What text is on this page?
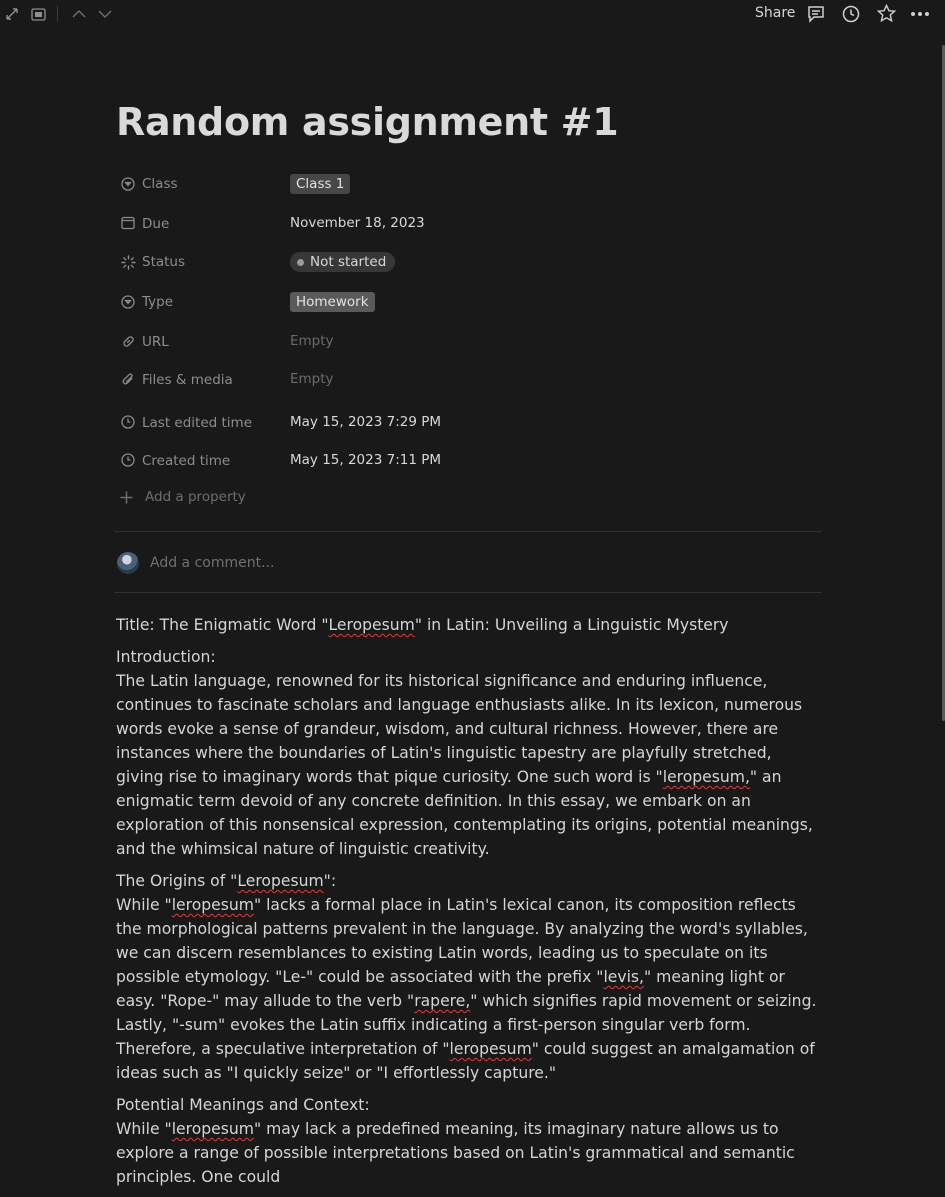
Share
Random assignment #1
Class	Class 1
Due	November 18, 2023
Status	Not started
Type	Homework
URL	Empty
Files & media	Empty
Last edited time	May 15, 2023 7:29 PM
Created time	May 15, 2023 7:11 PM
Add a property
Add a comment...

Title: The Enigmatic Word "Leropesum" in Latin: Unveiling a Linguistic Mystery

Introduction:
The Latin language, renowned for its historical significance and enduring influence, continues to fascinate scholars and language enthusiasts alike. In its lexicon, numerous words evoke a sense of grandeur, wisdom, and cultural richness. However, there are instances where the boundaries of Latin's linguistic tapestry are playfully stretched, giving rise to imaginary words that pique curiosity. One such word is "leropesum," an enigmatic term devoid of any concrete definition. In this essay, we embark on an exploration of this nonsensical expression, contemplating its origins, potential meanings, and the whimsical nature of linguistic creativity.

The Origins of "Leropesum":
While "leropesum" lacks a formal place in Latin's lexical canon, its composition reflects the morphological patterns prevalent in the language. By analyzing the word's syllables, we can discern resemblances to existing Latin words, leading us to speculate on its possible etymology. "Le-" could be associated with the prefix "levis," meaning light or easy. "Rope-" may allude to the verb "rapere," which signifies rapid movement or seizing. Lastly, "-sum" evokes the Latin suffix indicating a first-person singular verb form. Therefore, a speculative interpretation of "leropesum" could suggest an amalgamation of ideas such as "I quickly seize" or "I effortlessly capture."

Potential Meanings and Context:
While "leropesum" may lack a predefined meaning, its imaginary nature allows us to explore a range of possible interpretations based on Latin's grammatical and semantic principles. One could
